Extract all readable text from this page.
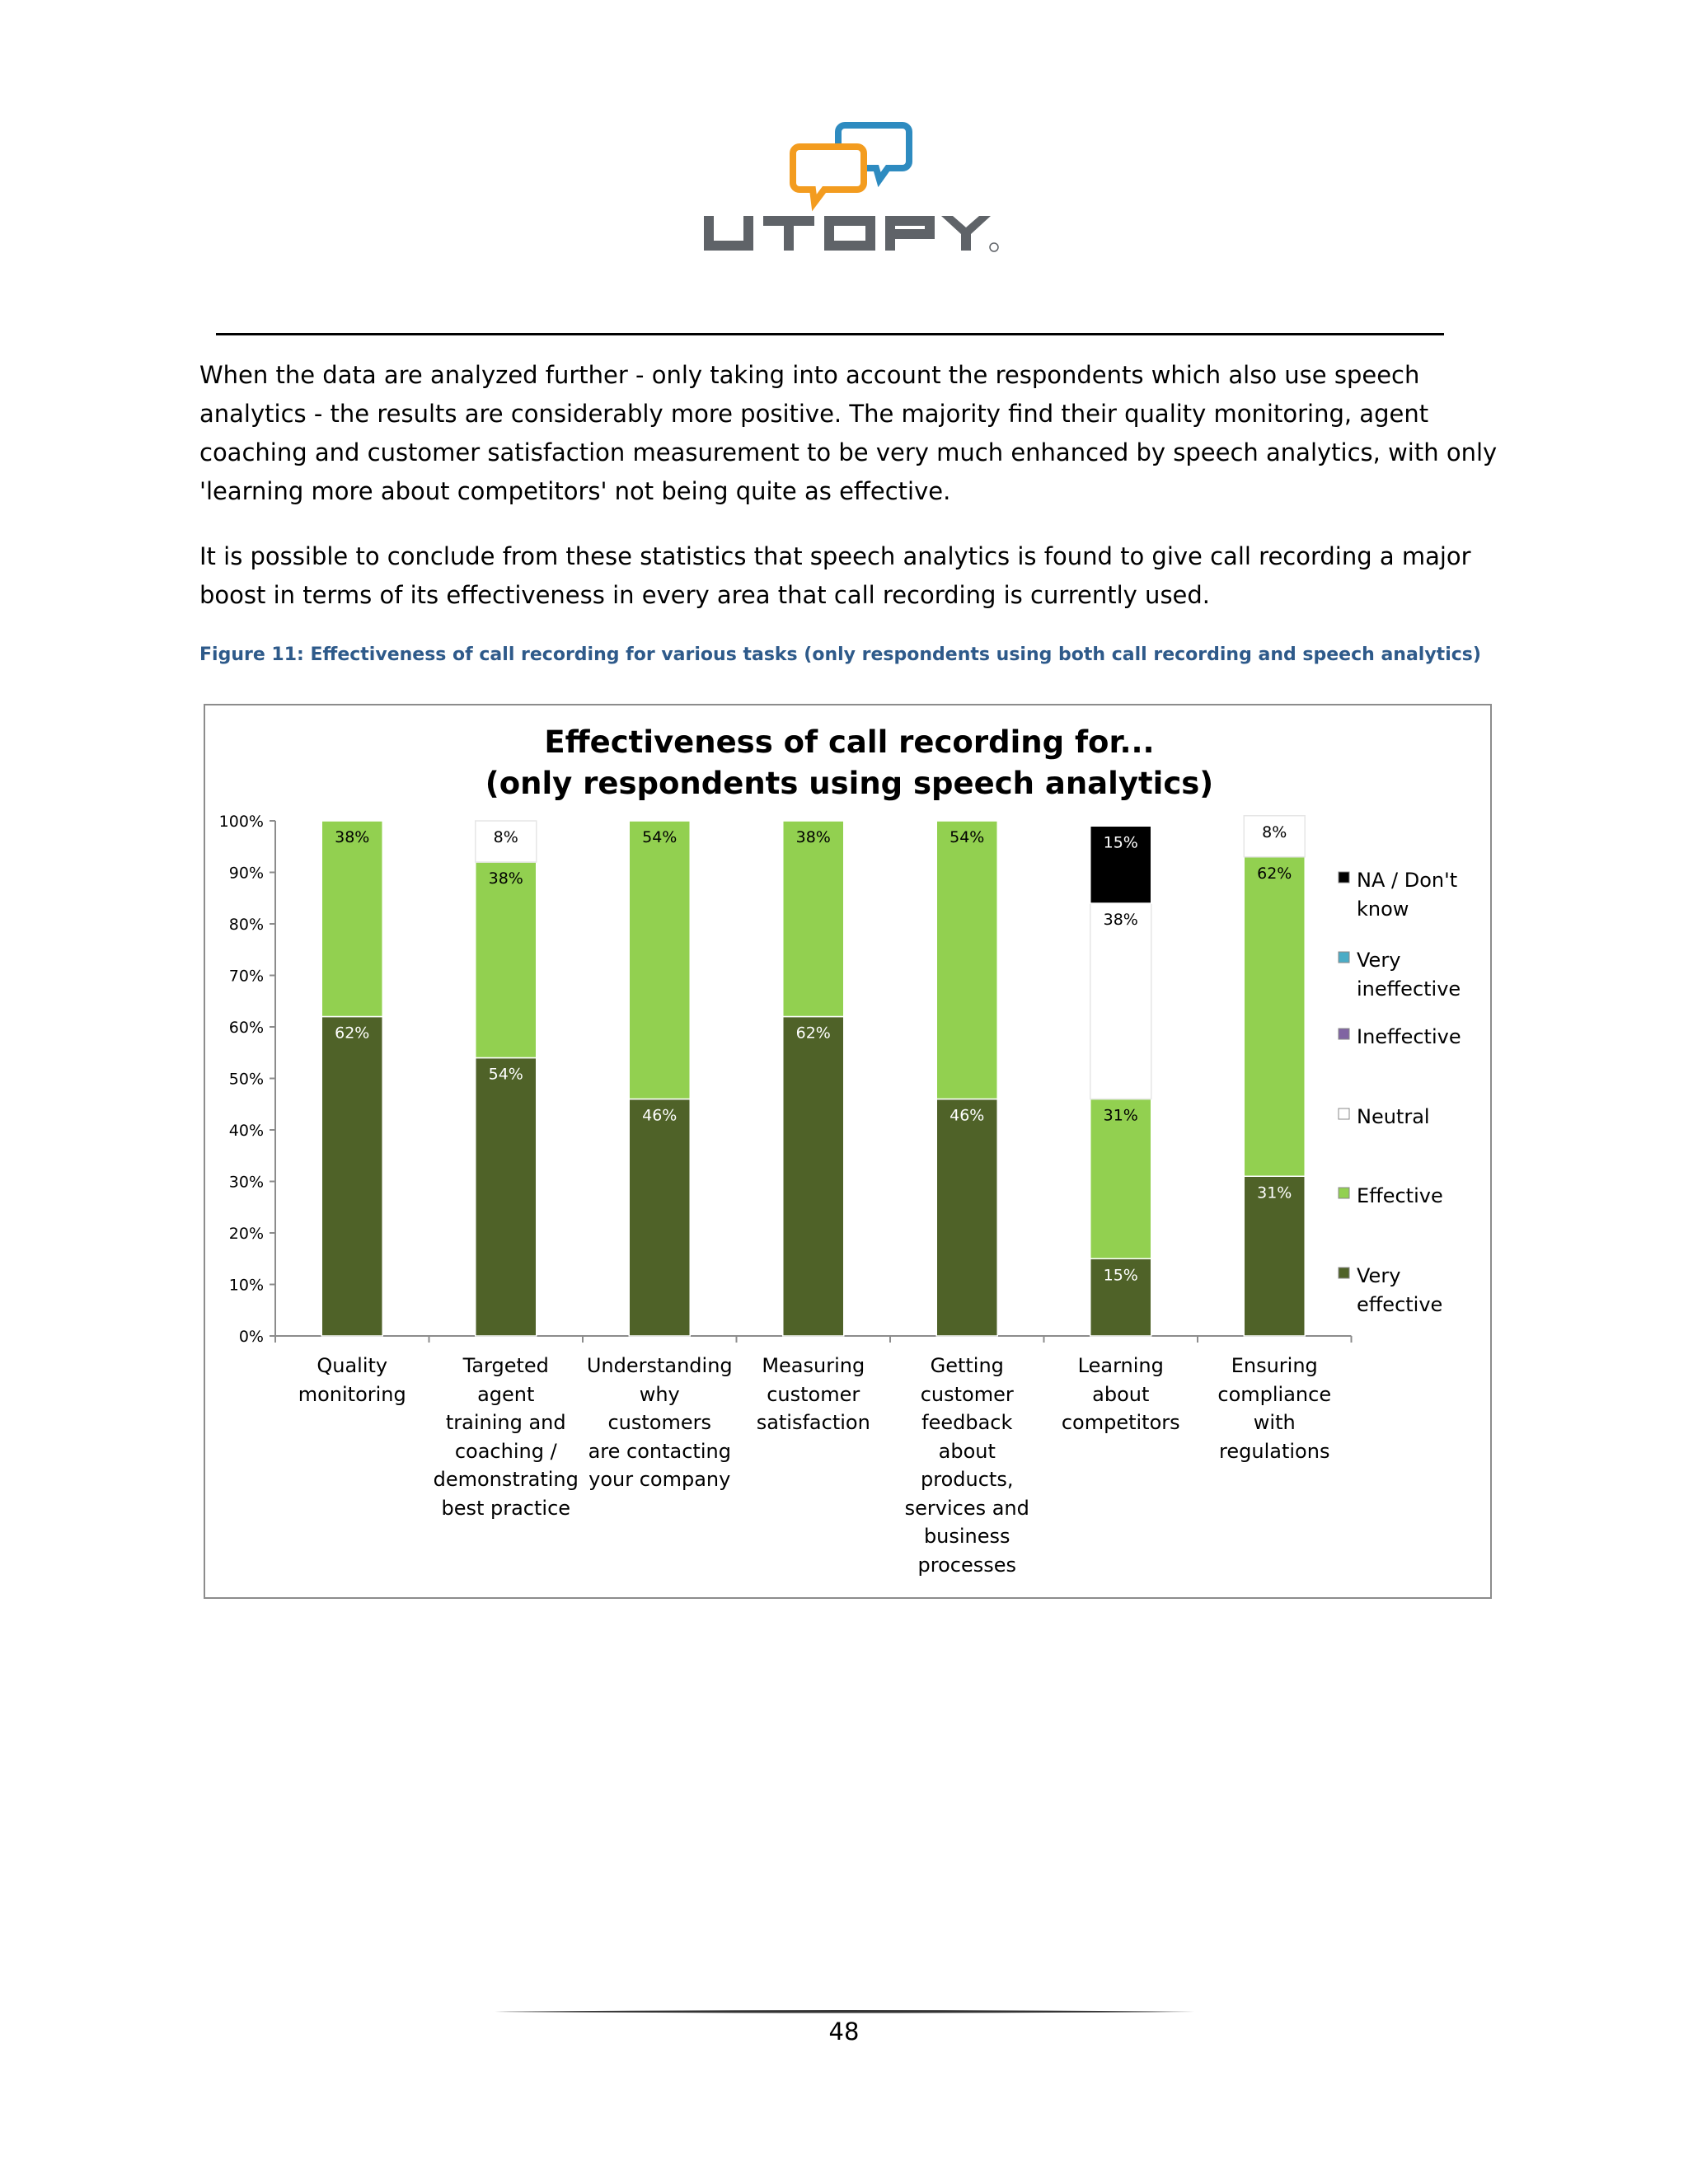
When the data are analyzed further - only taking into account the respondents which also use speech analytics - the results are considerably more positive. The majority find their quality monitoring, agent coaching and customer satisfaction measurement to be very much enhanced by speech analytics, with only 'learning more about competitors' not being quite as effective.

It is possible to conclude from these statistics that speech analytics is found to give call recording a major boost in terms of its effectiveness in every area that call recording is currently used.

Figure 11: Effectiveness of call recording for various tasks (only respondents using both call recording and speech analytics)

Effectiveness of call recording for...
(only respondents using speech analytics)
0%
10%
20%
30%
40%
50%
60%
70%
80%
90%
100%
62%
38%
54%
38%
8%
46%
54%
62%
38%
46%
54%
15%
31%
38%
15%
31%
62%
8%
NA / Don't
know
Very
ineffective
Ineffective
Neutral
Effective
Very
effective
Quality
monitoring
Targeted agent
training and
coaching /
demonstrating
best practice
Understanding
why customers
are contacting
your company
Measuring
customer
satisfaction
Getting
customer
feedback about
products,
services and
business
processes
Learning about
competitors
Ensuring
compliance
with regulations
48
